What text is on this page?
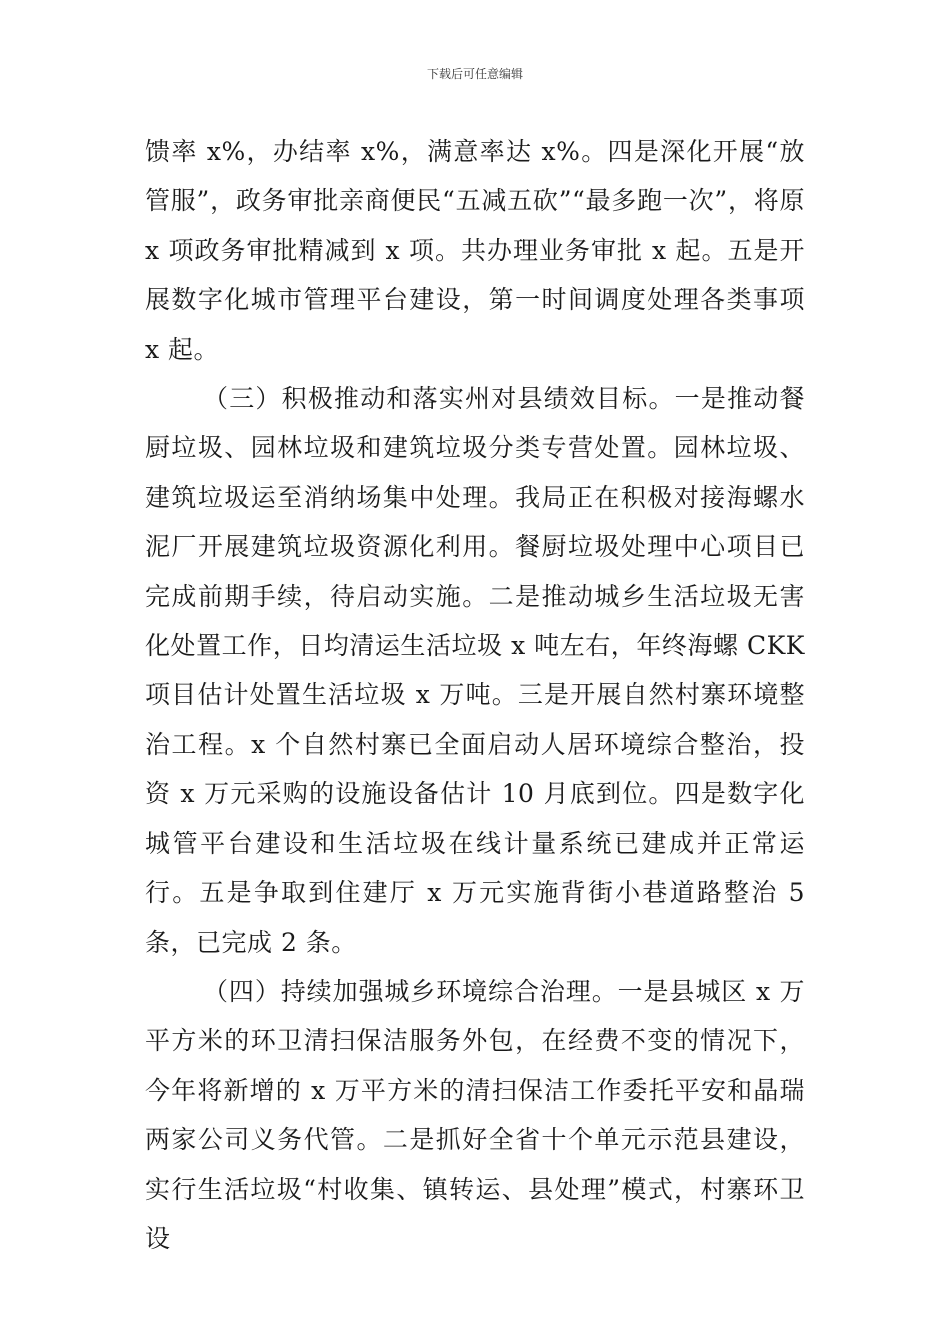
下载后可任意编辑

馈率 x%，办结率 x%，满意率达 x%。四是深化开展“放管服”，政务审批亲商便民“五减五砍”“最多跑一次”，将原 x 项政务审批精减到 x 项。共办理业务审批 x 起。五是开展数字化城市管理平台建设，第一时间调度处理各类事项 x 起。

（三）积极推动和落实州对县绩效目标。一是推动餐厨垃圾、园林垃圾和建筑垃圾分类专营处置。园林垃圾、建筑垃圾运至消纳场集中处理。我局正在积极对接海螺水泥厂开展建筑垃圾资源化利用。餐厨垃圾处理中心项目已完成前期手续，待启动实施。二是推动城乡生活垃圾无害化处置工作，日均清运生活垃圾 x 吨左右，年终海螺 CKK 项目估计处置生活垃圾 x 万吨。三是开展自然村寨环境整治工程。x 个自然村寨已全面启动人居环境综合整治，投资 x 万元采购的设施设备估计 10 月底到位。四是数字化城管平台建设和生活垃圾在线计量系统已建成并正常运行。五是争取到住建厅 x 万元实施背街小巷道路整治 5 条，已完成 2 条。

（四）持续加强城乡环境综合治理。一是县城区 x 万平方米的环卫清扫保洁服务外包，在经费不变的情况下，今年将新增的 x 万平方米的清扫保洁工作委托平安和晶瑞两家公司义务代管。二是抓好全省十个单元示范县建设，实行生活垃圾“村收集、镇转运、县处理”模式，村寨环卫设
